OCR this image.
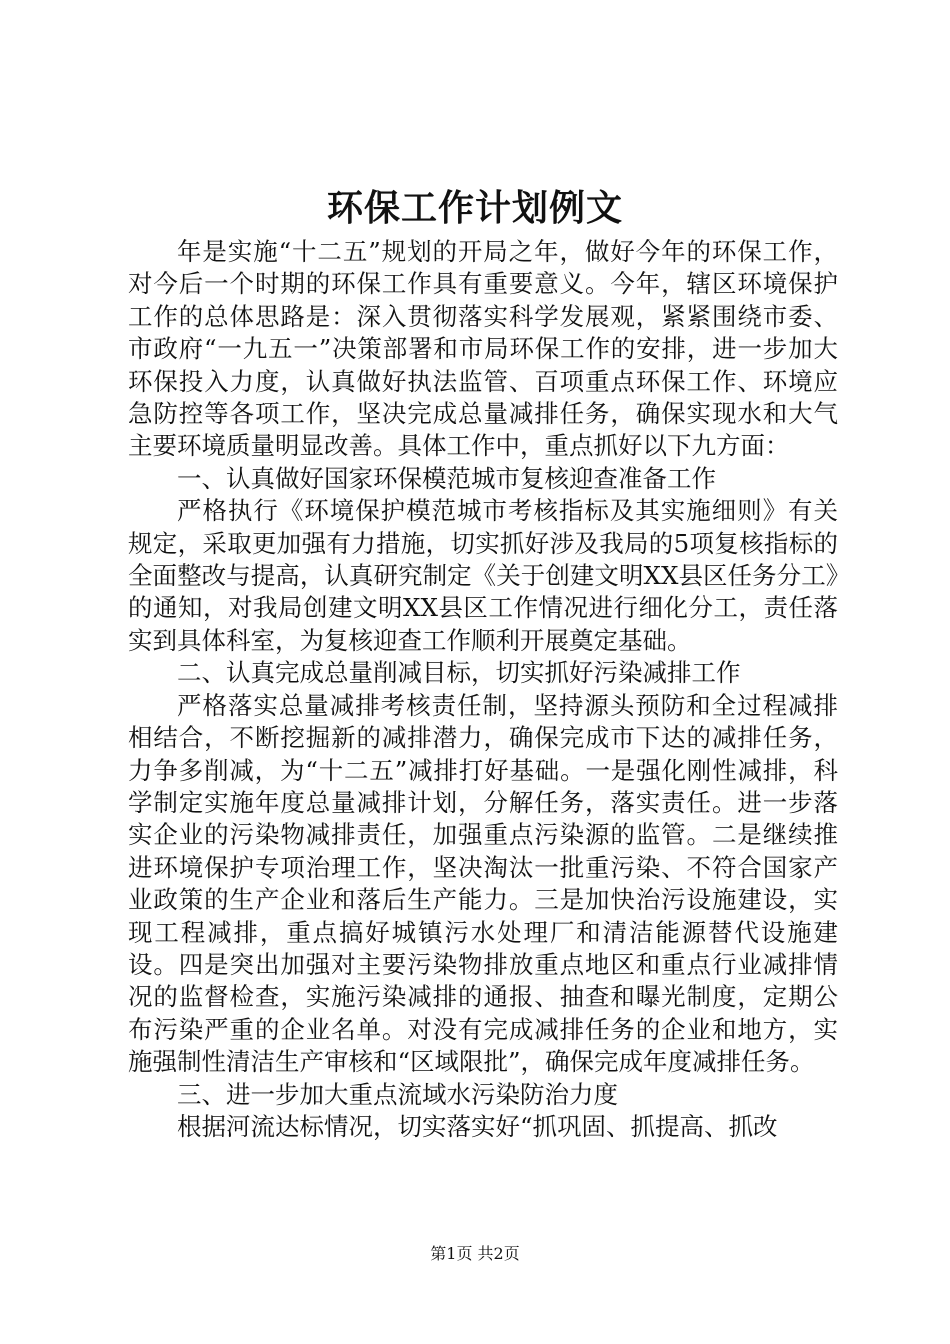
环保工作计划例文

年是实施“十二五”规划的开局之年，做好今年的环保工作，对今后一个时期的环保工作具有重要意义。今年，辖区环境保护工作的总体思路是：深入贯彻落实科学发展观，紧紧围绕市委、市政府“一九五一”决策部署和市局环保工作的安排，进一步加大环保投入力度，认真做好执法监管、百项重点环保工作、环境应急防控等各项工作，坚决完成总量减排任务，确保实现水和大气主要环境质量明显改善。具体工作中，重点抓好以下九方面：

一、认真做好国家环保模范城市复核迎查准备工作

严格执行《环境保护模范城市考核指标及其实施细则》有关规定，采取更加强有力措施，切实抓好涉及我局的5项复核指标的全面整改与提高，认真研究制定《关于创建文明XX县区任务分工》的通知，对我局创建文明XX县区工作情况进行细化分工，责任落实到具体科室，为复核迎查工作顺利开展奠定基础。

二、认真完成总量削减目标，切实抓好污染减排工作

严格落实总量减排考核责任制，坚持源头预防和全过程减排相结合，不断挖掘新的减排潜力，确保完成市下达的减排任务，力争多削减，为“十二五”减排打好基础。一是强化刚性减排，科学制定实施年度总量减排计划，分解任务，落实责任。进一步落实企业的污染物减排责任，加强重点污染源的监管。二是继续推进环境保护专项治理工作，坚决淘汰一批重污染、不符合国家产业政策的生产企业和落后生产能力。三是加快治污设施建设，实现工程减排，重点搞好城镇污水处理厂和清洁能源替代设施建设。四是突出加强对主要污染物排放重点地区和重点行业减排情况的监督检查，实施污染减排的通报、抽查和曝光制度，定期公布污染严重的企业名单。对没有完成减排任务的企业和地方，实施强制性清洁生产审核和“区域限批”，确保完成年度减排任务。

三、进一步加大重点流域水污染防治力度

根据河流达标情况，切实落实好“抓巩固、抓提高、抓改

第1页 共2页
